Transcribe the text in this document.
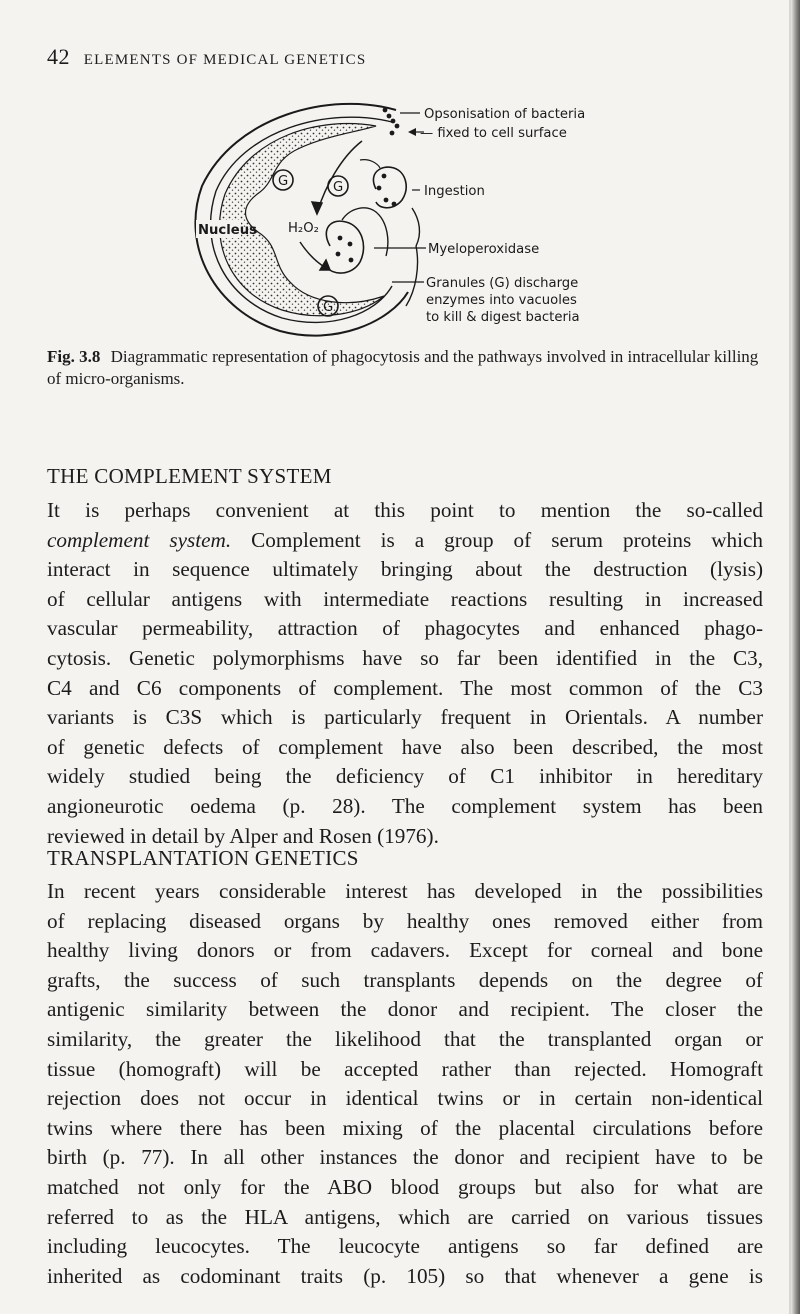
42 ELEMENTS OF MEDICAL GENETICS
Nucleus
G	G
G
H₂O₂
Opsonisation of bacteria
— fixed to cell surface
Ingestion
Myeloperoxidase
Granules (G) discharge
enzymes into vacuoles
to kill & digest bacteria
Fig. 3.8 Diagrammatic representation of phagocytosis and the pathways involved in intracellular killing of micro-organisms.
THE COMPLEMENT SYSTEM
It is perhaps convenient at this point to mention the so-called
complement system. Complement is a group of serum proteins which
interact in sequence ultimately bringing about the destruction (lysis)
of cellular antigens with intermediate reactions resulting in increased
vascular permeability, attraction of phagocytes and enhanced phago-
cytosis. Genetic polymorphisms have so far been identified in the C3,
C4 and C6 components of complement. The most common of the C3
variants is C3S which is particularly frequent in Orientals. A number
of genetic defects of complement have also been described, the most
widely studied being the deficiency of C1 inhibitor in hereditary
angioneurotic oedema (p. 28). The complement system has been
reviewed in detail by Alper and Rosen (1976).
TRANSPLANTATION GENETICS
In recent years considerable interest has developed in the possibilities
of replacing diseased organs by healthy ones removed either from
healthy living donors or from cadavers. Except for corneal and bone
grafts, the success of such transplants depends on the degree of
antigenic similarity between the donor and recipient. The closer the
similarity, the greater the likelihood that the transplanted organ or
tissue (homograft) will be accepted rather than rejected. Homograft
rejection does not occur in identical twins or in certain non-identical
twins where there has been mixing of the placental circulations before
birth (p. 77). In all other instances the donor and recipient have to be
matched not only for the ABO blood groups but also for what are
referred to as the HLA antigens, which are carried on various tissues
including leucocytes. The leucocyte antigens so far defined are
inherited as codominant traits (p. 105) so that whenever a gene is
